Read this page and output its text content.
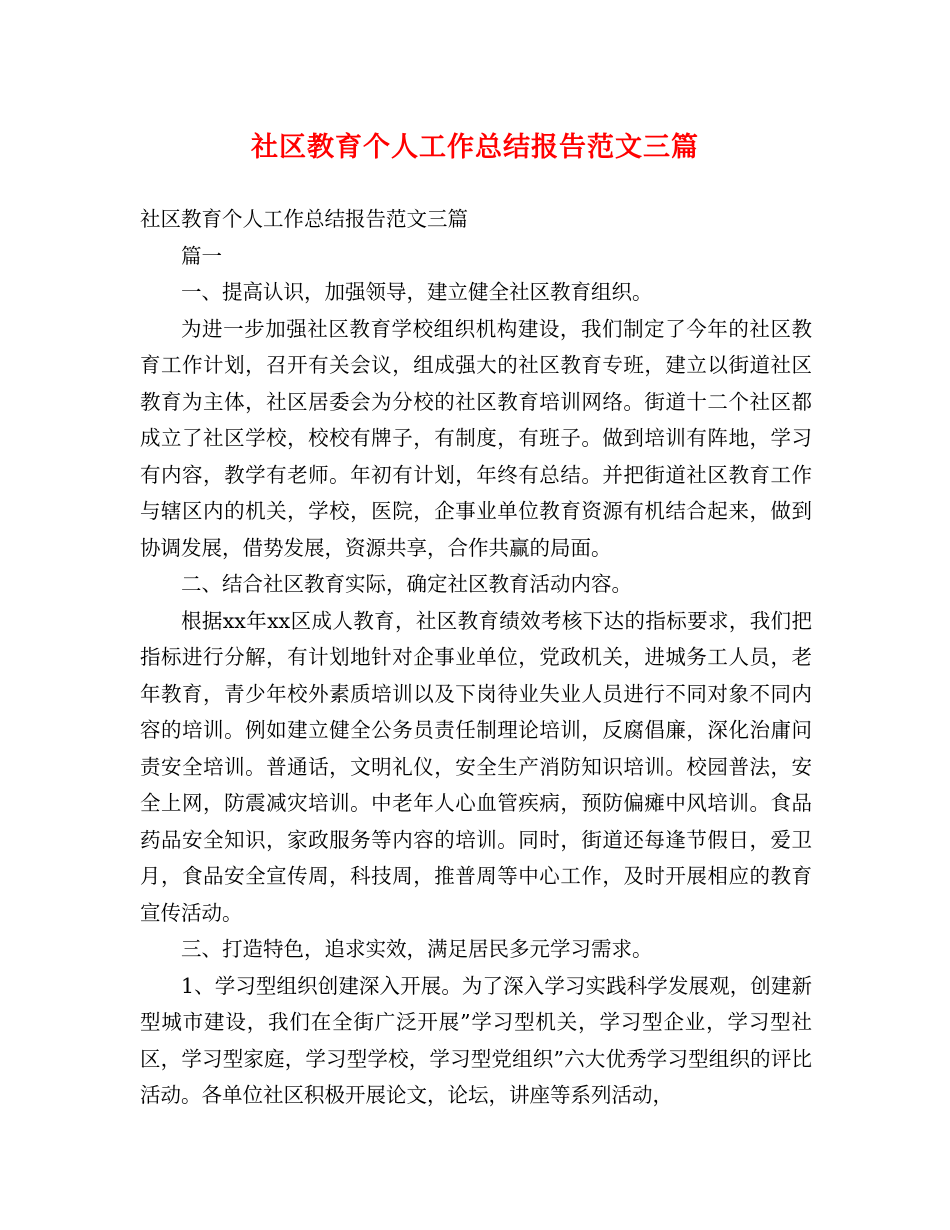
社区教育个人工作总结报告范文三篇

社区教育个人工作总结报告范文三篇

篇一

一、提高认识，加强领导，建立健全社区教育组织。

为进一步加强社区教育学校组织机构建设，我们制定了今年的社区教育工作计划，召开有关会议，组成强大的社区教育专班，建立以街道社区教育为主体，社区居委会为分校的社区教育培训网络。街道十二个社区都成立了社区学校，校校有牌子，有制度，有班子。做到培训有阵地，学习有内容，教学有老师。年初有计划，年终有总结。并把街道社区教育工作与辖区内的机关，学校，医院，企事业单位教育资源有机结合起来，做到协调发展，借势发展，资源共享，合作共赢的局面。

二、结合社区教育实际，确定社区教育活动内容。

根据xx年xx区成人教育，社区教育绩效考核下达的指标要求，我们把指标进行分解，有计划地针对企事业单位，党政机关，进城务工人员，老年教育，青少年校外素质培训以及下岗待业失业人员进行不同对象不同内容的培训。例如建立健全公务员责任制理论培训，反腐倡廉，深化治庸问责安全培训。普通话，文明礼仪，安全生产消防知识培训。校园普法，安全上网，防震减灾培训。中老年人心血管疾病，预防偏瘫中风培训。食品药品安全知识，家政服务等内容的培训。同时，街道还每逢节假日，爱卫月，食品安全宣传周，科技周，推普周等中心工作，及时开展相应的教育宣传活动。

三、打造特色，追求实效，满足居民多元学习需求。

1、学习型组织创建深入开展。为了深入学习实践科学发展观，创建新型城市建设，我们在全街广泛开展”学习型机关，学习型企业，学习型社区，学习型家庭，学习型学校，学习型党组织”六大优秀学习型组织的评比活动。各单位社区积极开展论文，论坛，讲座等系列活动，
